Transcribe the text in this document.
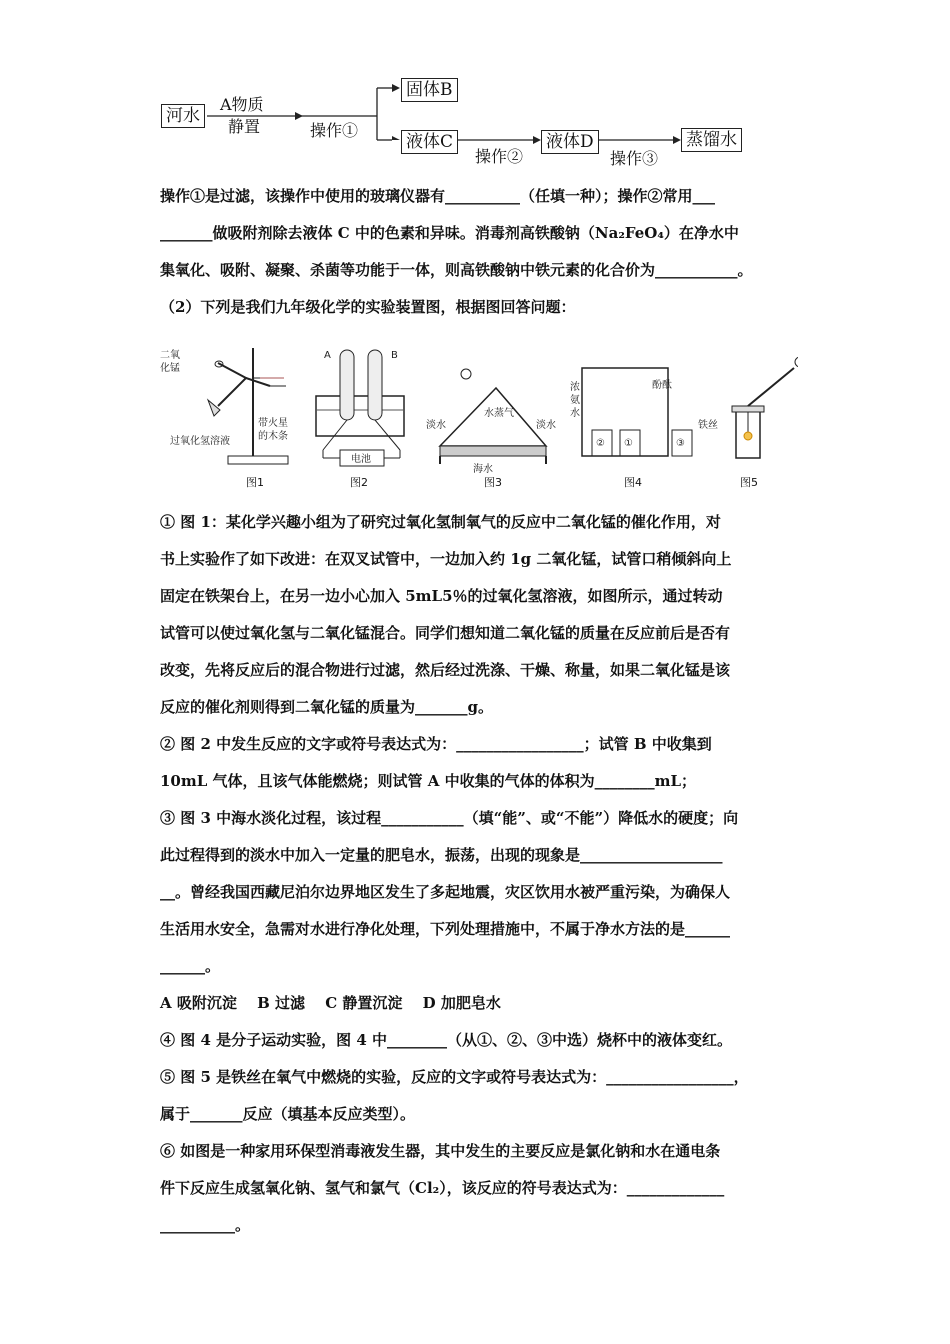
河水
A物质
静置	操作①
固体B
液体C
操作②
液体D
操作③
蒸馏水
操作①是过滤，该操作中使用的玻璃仪器有__________（任填一种）；操作②常用___
_______做吸附剂除去液体 C 中的色素和异味。消毒剂高铁酸钠（Na₂FeO₄）在净水中
集氧化、吸附、凝聚、杀菌等功能于一体，则高铁酸钠中铁元素的化合价为___________。
（2）下列是我们九年级化学的实验装置图，根据图回答问题：
二氧
化锰
过氧化氢溶液
带火星
的木条
A	B
电池
淡水
水蒸气
淡水
海水
浓
氨
水
酚酞
② ①	③
铁丝
图1	图2	图3	图4	图5
① 图 1：某化学兴趣小组为了研究过氧化氢制氧气的反应中二氧化锰的催化作用，对
书上实验作了如下改进：在双叉试管中，一边加入约 1g 二氧化锰，试管口稍倾斜向上
固定在铁架台上，在另一边小心加入 5mL5％的过氧化氢溶液，如图所示，通过转动
试管可以使过氧化氢与二氧化锰混合。同学们想知道二氧化锰的质量在反应前后是否有
改变，先将反应后的混合物进行过滤，然后经过洗涤、干燥、称量，如果二氧化锰是该
反应的催化剂则得到二氧化锰的质量为_______g。
② 图 2 中发生反应的文字或符号表达式为：_________________；试管 B 中收集到
10mL 气体，且该气体能燃烧；则试管 A 中收集的气体的体积为________mL；
③ 图 3 中海水淡化过程，该过程___________（填“能”、或“不能”）降低水的硬度；向
此过程得到的淡水中加入一定量的肥皂水，振荡，出现的现象是___________________
__。曾经我国西藏尼泊尔边界地区发生了多起地震，灾区饮用水被严重污染，为确保人
生活用水安全，急需对水进行净化处理，下列处理措施中，不属于净水方法的是______
______。
A 吸附沉淀　 B 过滤　 C 静置沉淀　 D 加肥皂水
④ 图 4 是分子运动实验，图 4 中________（从①、②、③中选）烧杯中的液体变红。
⑤ 图 5 是铁丝在氧气中燃烧的实验，反应的文字或符号表达式为：_________________，
属于_______反应（填基本反应类型）。
⑥ 如图是一种家用环保型消毒液发生器，其中发生的主要反应是氯化钠和水在通电条
件下反应生成氢氧化钠、氢气和氯气（Cl₂），该反应的符号表达式为：_____________
__________。
